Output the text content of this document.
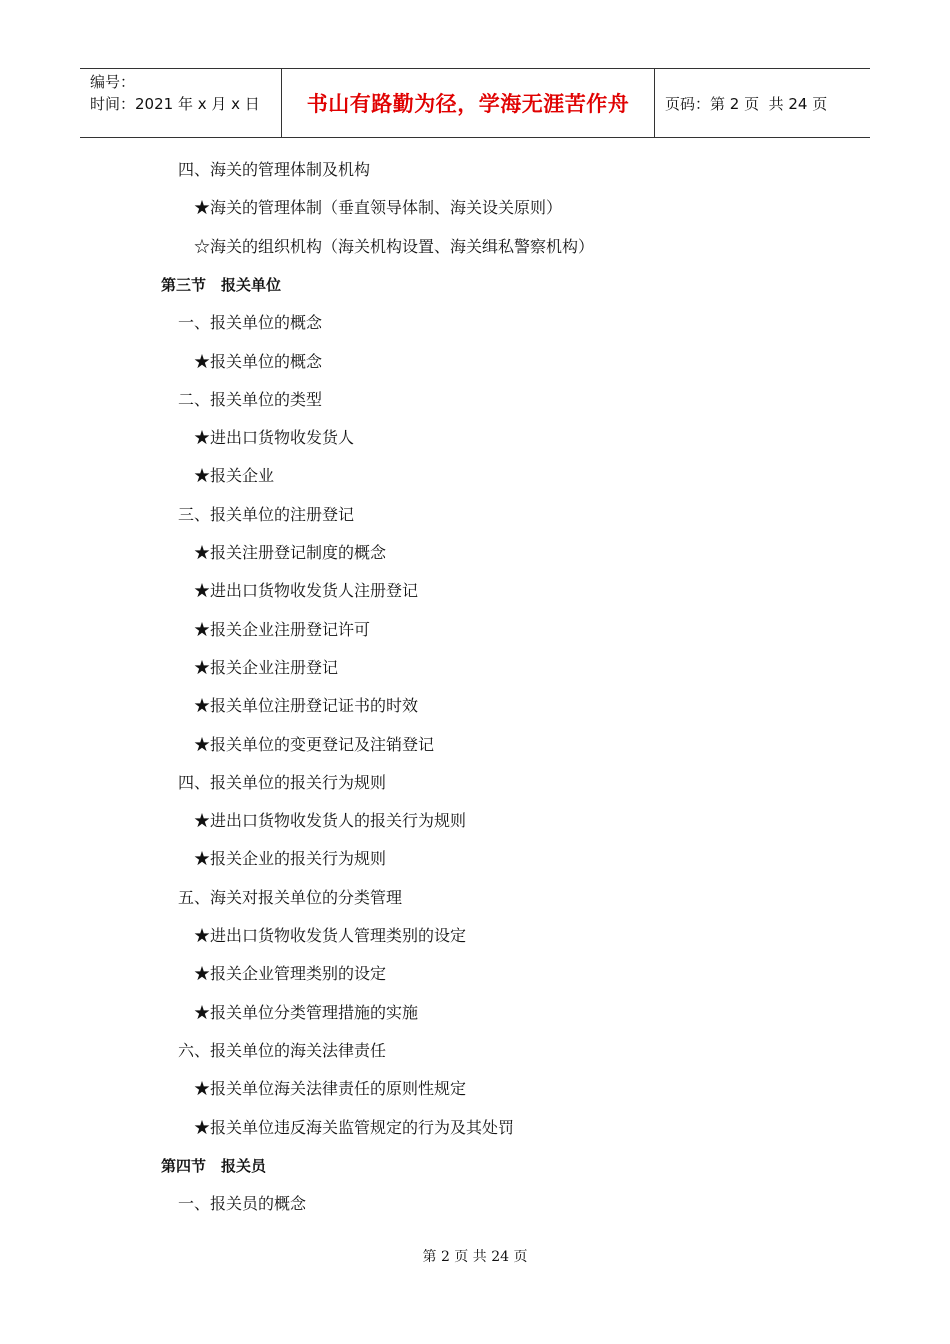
编号：
时间：2021 年 x 月 x 日	书山有路勤为径，学海无涯苦作舟	页码：第 2 页  共 24 页
四、海关的管理体制及机构
★海关的管理体制（垂直领导体制、海关设关原则）
☆海关的组织机构（海关机构设置、海关缉私警察机构）
第三节　报关单位
一、报关单位的概念
★报关单位的概念
二、报关单位的类型
★进出口货物收发货人
★报关企业
三、报关单位的注册登记
★报关注册登记制度的概念
★进出口货物收发货人注册登记
★报关企业注册登记许可
★报关企业注册登记
★报关单位注册登记证书的时效
★报关单位的变更登记及注销登记
四、报关单位的报关行为规则
★进出口货物收发货人的报关行为规则
★报关企业的报关行为规则
五、海关对报关单位的分类管理
★进出口货物收发货人管理类别的设定
★报关企业管理类别的设定
★报关单位分类管理措施的实施
六、报关单位的海关法律责任
★报关单位海关法律责任的原则性规定
★报关单位违反海关监管规定的行为及其处罚
第四节　报关员
一、报关员的概念
第 2 页 共 24 页
